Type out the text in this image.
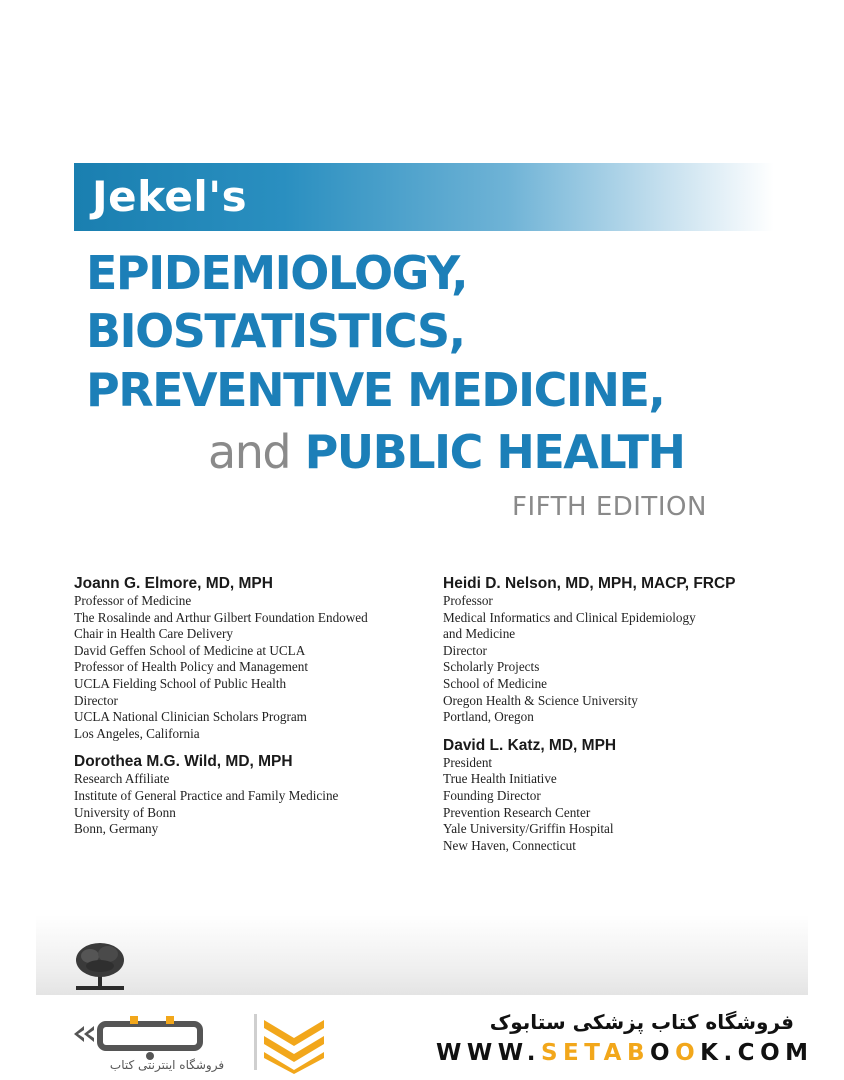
Jekel's
EPIDEMIOLOGY,
BIOSTATISTICS,
PREVENTIVE MEDICINE,
and PUBLIC HEALTH
FIFTH EDITION
Joann G. Elmore, MD, MPH
Professor of Medicine
The Rosalinde and Arthur Gilbert Foundation Endowed
Chair in Health Care Delivery
David Geffen School of Medicine at UCLA
Professor of Health Policy and Management
UCLA Fielding School of Public Health
Director
UCLA National Clinician Scholars Program
Los Angeles, California
Dorothea M.G. Wild, MD, MPH
Research Affiliate
Institute of General Practice and Family Medicine
University of Bonn
Bonn, Germany
Heidi D. Nelson, MD, MPH, MACP, FRCP
Professor
Medical Informatics and Clinical Epidemiology
and Medicine
Director
Scholarly Projects
School of Medicine
Oregon Health & Science University
Portland, Oregon
David L. Katz, MD, MPH
President
True Health Initiative
Founding Director
Prevention Research Center
Yale University/Griffin Hospital
New Haven, Connecticut
فروشگاه اینترنتی کتاب
فروشگاه کتاب پزشکی ستابوک
WWW.SETABOOK.COM
